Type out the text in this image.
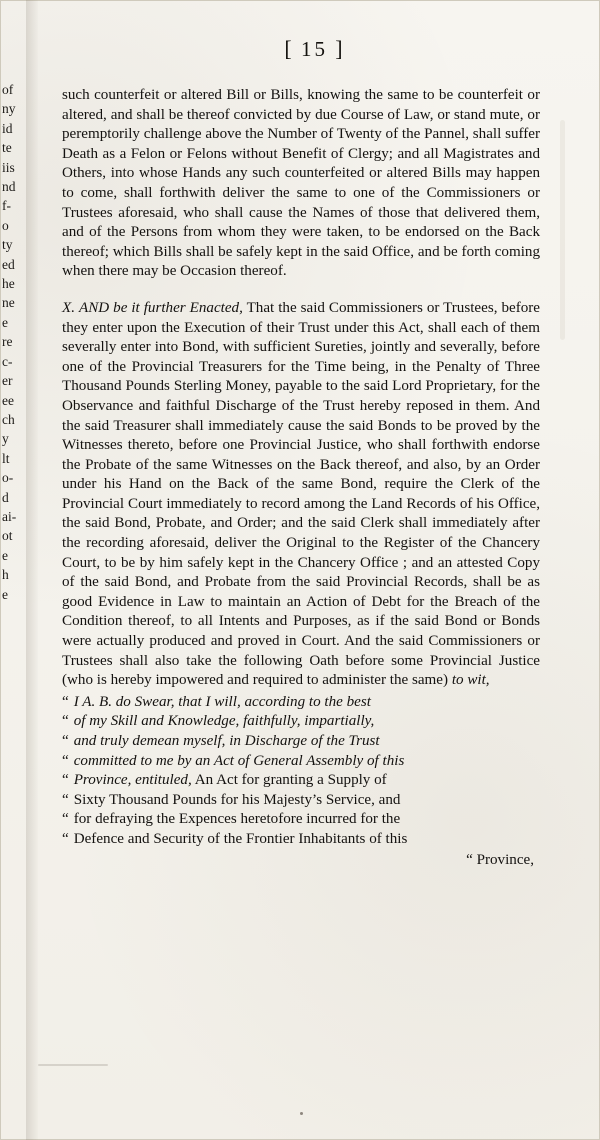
of
ny
id
te
iis
nd
f-
o
ty
ed
he
ne
e
re
c-
er
ee
ch
y
lt
o-
d
ai-
ot
e
h
e
[ 15 ]

such counterfeit or altered Bill or Bills, knowing the same to be counterfeit or altered, and shall be thereof convicted by due Course of Law, or stand mute, or peremptorily challenge above the Number of Twenty of the Pannel, shall suffer Death as a Felon or Felons without Benefit of Clergy; and all Magistrates and Others, into whose Hands any such counterfeited or altered Bills may happen to come, shall forthwith deliver the same to one of the Commissioners or Trustees aforesaid, who shall cause the Names of those that delivered them, and of the Persons from whom they were taken, to be endorsed on the Back thereof; which Bills shall be safely kept in the said Office, and be forth coming when there may be Occasion thereof.

X. AND be it further Enacted, That the said Commissioners or Trustees, before they enter upon the Execution of their Trust under this Act, shall each of them severally enter into Bond, with sufficient Sureties, jointly and severally, before one of the Provincial Treasurers for the Time being, in the Penalty of Three Thousand Pounds Sterling Money, payable to the said Lord Proprietary, for the Observance and faithful Discharge of the Trust hereby reposed in them. And the said Treasurer shall immediately cause the said Bonds to be proved by the Witnesses thereto, before one Provincial Justice, who shall forthwith endorse the Probate of the same Witnesses on the Back thereof, and also, by an Order under his Hand on the Back of the same Bond, require the Clerk of the Provincial Court immediately to record among the Land Records of his Office, the said Bond, Probate, and Order; and the said Clerk shall immediately after the recording aforesaid, deliver the Original to the Register of the Chancery Court, to be by him safely kept in the Chancery Office ; and an attested Copy of the said Bond, and Probate from the said Provincial Records, shall be as good Evidence in Law to maintain an Action of Debt for the Breach of the Condition thereof, to all Intents and Purposes, as if the said Bond or Bonds were actually produced and proved in Court. And the said Commissioners or Trustees shall also take the following Oath before some Provincial Justice (who is hereby impowered and required to administer the same) to wit,

“ I A. B. do Swear, that I will, according to the best
“ of my Skill and Knowledge, faithfully, impartially,
“ and truly demean myself, in Discharge of the Trust
“ committed to me by an Act of General Assembly of this
“ Province, entituled, An Act for granting a Supply of
“ Sixty Thousand Pounds for his Majesty’s Service, and
“ for defraying the Expences heretofore incurred for the
“ Defence and Security of the Frontier Inhabitants of this
“ Province,
